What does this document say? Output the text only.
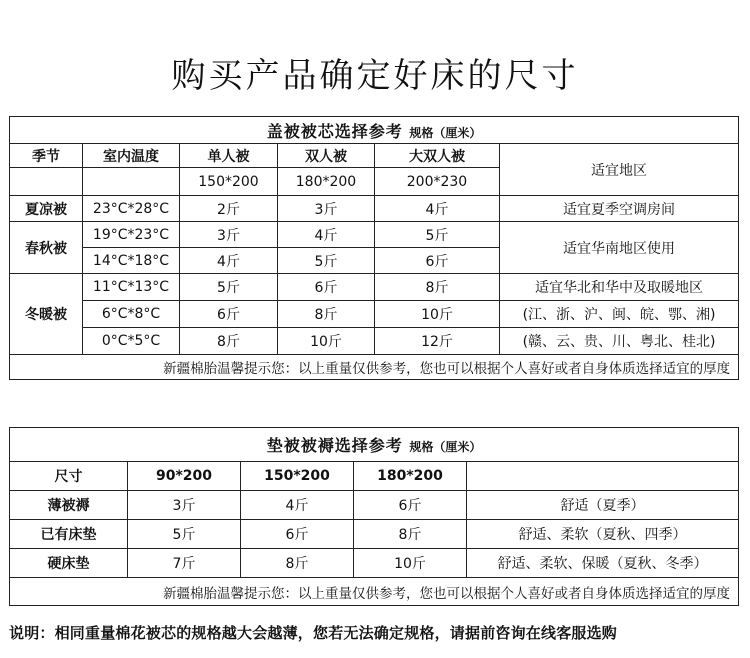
购买产品确定好床的尺寸
盖被被芯选择参考 规格（厘米）					
季节	室内温度	单人被	双人被	大双人被	适宜地区
		150*200	180*200	200*230	
夏凉被	23°C*28°C	2斤	3斤	4斤	适宜夏季空调房间
春秋被	19°C*23°C	3斤	4斤	5斤	适宜华南地区使用
	14°C*18°C	4斤	5斤	6斤	
冬暖被	11°C*13°C	5斤	6斤	8斤	适宜华北和华中及取暖地区
	6°C*8°C	6斤	8斤	10斤	(江、浙、沪、闽、皖、鄂、湘)
	0°C*5°C	8斤	10斤	12斤	(赣、云、贵、川、粤北、桂北)
新疆棉胎温馨提示您：以上重量仅供参考，您也可以根据个人喜好或者自身体质选择适宜的厚度					
垫被被褥选择参考 规格（厘米）				
尺寸	90*200	150*200	180*200	
薄被褥	3斤	4斤	6斤	舒适（夏季）
已有床垫	5斤	6斤	8斤	舒适、柔软（夏秋、四季）
硬床垫	7斤	8斤	10斤	舒适、柔软、保暖（夏秋、冬季）
新疆棉胎温馨提示您：以上重量仅供参考，您也可以根据个人喜好或者自身体质选择适宜的厚度				
说明：相同重量棉花被芯的规格越大会越薄，您若无法确定规格，请据前咨询在线客服选购
